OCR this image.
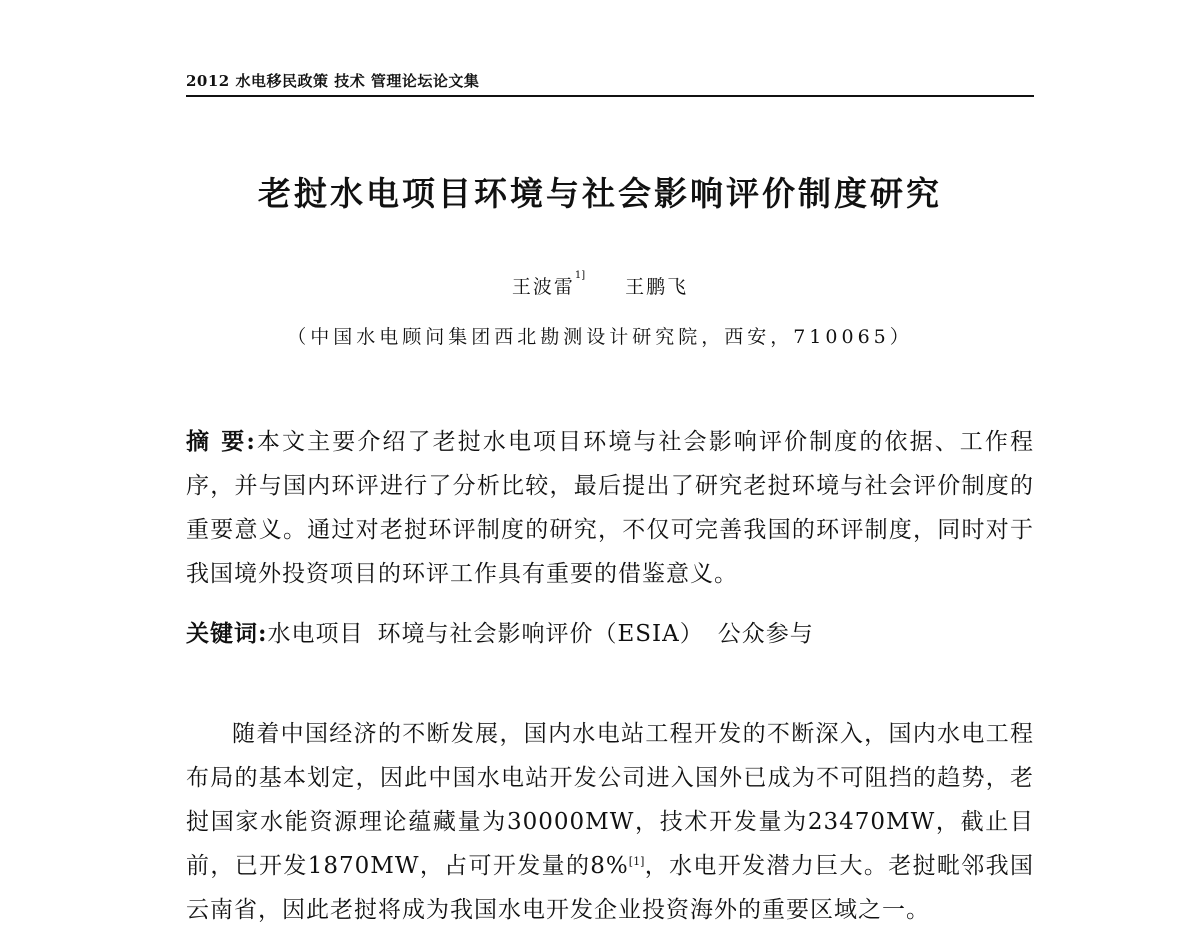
2012 水电移民政策 技术 管理论坛论文集
老挝水电项目环境与社会影响评价制度研究
王波雷$^{1]}$王鹏飞
（中国水电顾问集团西北勘测设计研究院，西安，710065）
摘 要:本文主要介绍了老挝水电项目环境与社会影响评价制度的依据、工作程序，并与国内环评进行了分析比较，最后提出了研究老挝环境与社会评价制度的重要意义。通过对老挝环评制度的研究，不仅可完善我国的环评制度，同时对于我国境外投资项目的环评工作具有重要的借鉴意义。
关键词:水电项目 环境与社会影响评价（ESIA） 公众参与
随着中国经济的不断发展，国内水电站工程开发的不断深入，国内水电工程布局的基本划定，因此中国水电站开发公司进入国外已成为不可阻挡的趋势，老挝国家水能资源理论蕴藏量为30000MW，技术开发量为23470MW，截止目前，已开发1870MW，占可开发量的8%[1]，水电开发潜力巨大。老挝毗邻我国云南省，因此老挝将成为我国水电开发企业投资海外的重要区域之一。
